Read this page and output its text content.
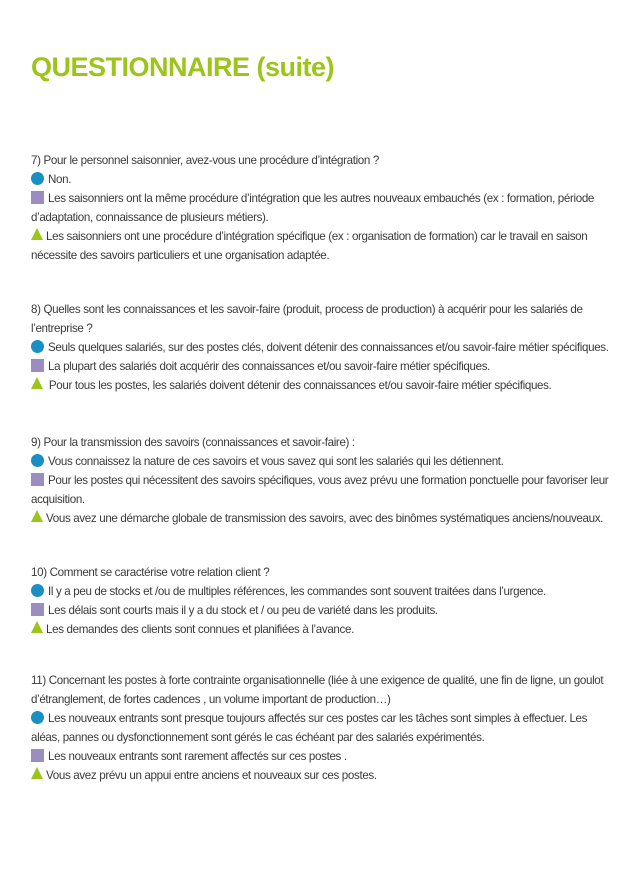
QUESTIONNAIRE (suite)
7) Pour le personnel saisonnier, avez-vous une procédure d’intégration ?
Non.
Les saisonniers ont la même procédure d’intégration que les autres nouveaux embauchés (ex : formation, période d’adaptation, connaissance de plusieurs métiers).
Les saisonniers ont une procédure d’intégration spécifique (ex : organisation de formation) car le travail en saison nécessite des savoirs particuliers et une organisation adaptée.
8) Quelles sont les connaissances et les savoir-faire (produit, process de production) à acquérir pour les salariés de l’entreprise ?
Seuls quelques salariés, sur des postes clés, doivent détenir des connaissances et/ou savoir-faire métier spécifiques.
La plupart des salariés doit acquérir des connaissances et/ou savoir-faire métier spécifiques.
Pour tous les postes, les salariés doivent détenir des connaissances et/ou savoir-faire métier spécifiques.
9) Pour la transmission des savoirs (connaissances et savoir-faire) :
Vous connaissez la nature de ces savoirs et vous savez qui sont les salariés qui les détiennent.
Pour les postes qui nécessitent des savoirs spécifiques, vous avez prévu une formation ponctuelle pour favoriser leur acquisition.
Vous avez une démarche globale de transmission des savoirs, avec des binômes systématiques anciens/nouveaux.
10) Comment se caractérise votre relation client ?
Il y a peu de stocks et /ou de multiples références, les commandes sont souvent traitées dans l’urgence.
Les délais sont courts mais il y a du stock et / ou peu de variété dans les produits.
Les demandes des clients sont connues et planifiées à l’avance.
11) Concernant les postes à forte contrainte organisationnelle (liée à une exigence de qualité, une fin de ligne, un goulot d’étranglement, de fortes cadences , un volume important de production…)
Les nouveaux entrants sont presque toujours affectés sur ces postes car les tâches sont simples à effectuer. Les aléas, pannes ou dysfonctionnement sont gérés le cas échéant par des salariés expérimentés.
Les nouveaux entrants sont rarement affectés sur ces postes .
Vous avez prévu un appui entre anciens et nouveaux sur ces postes.
